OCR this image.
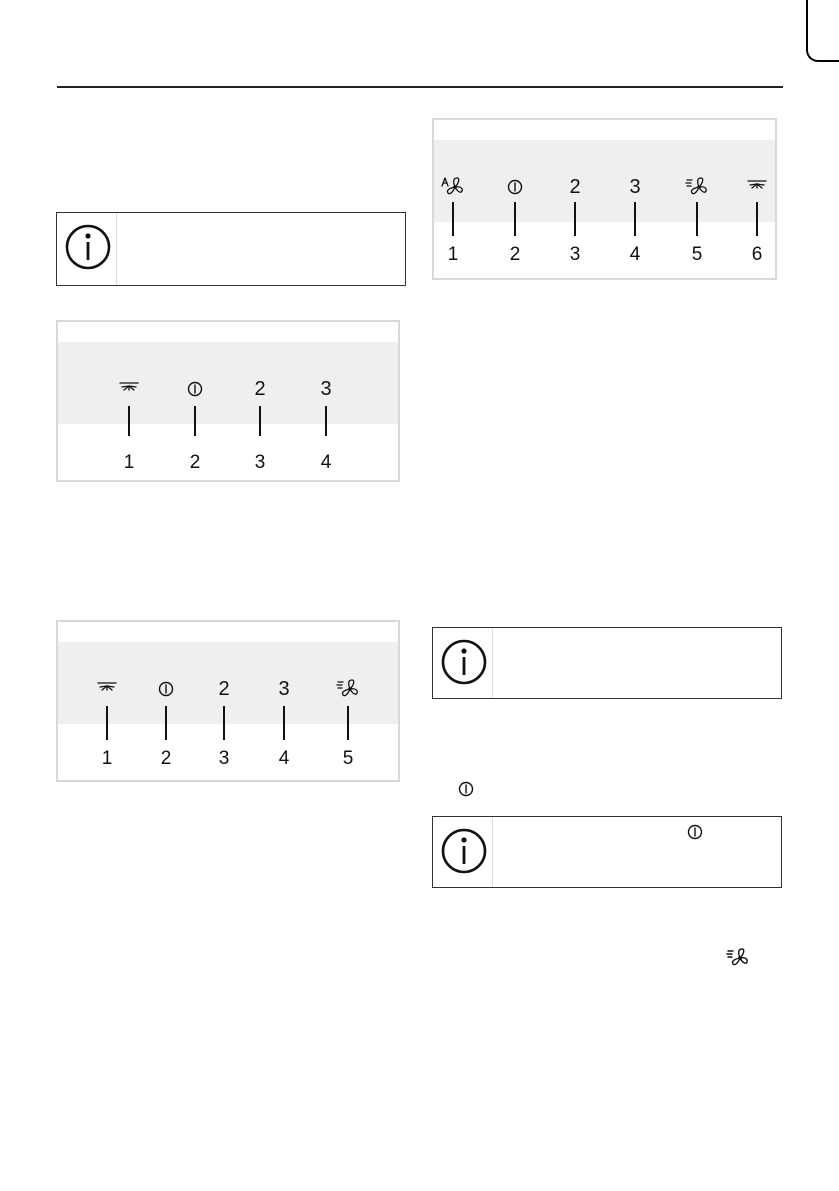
1	2
2
3
3
4
1	2
2
3
3
4	5
1	2
2
3
3
4	5	6
